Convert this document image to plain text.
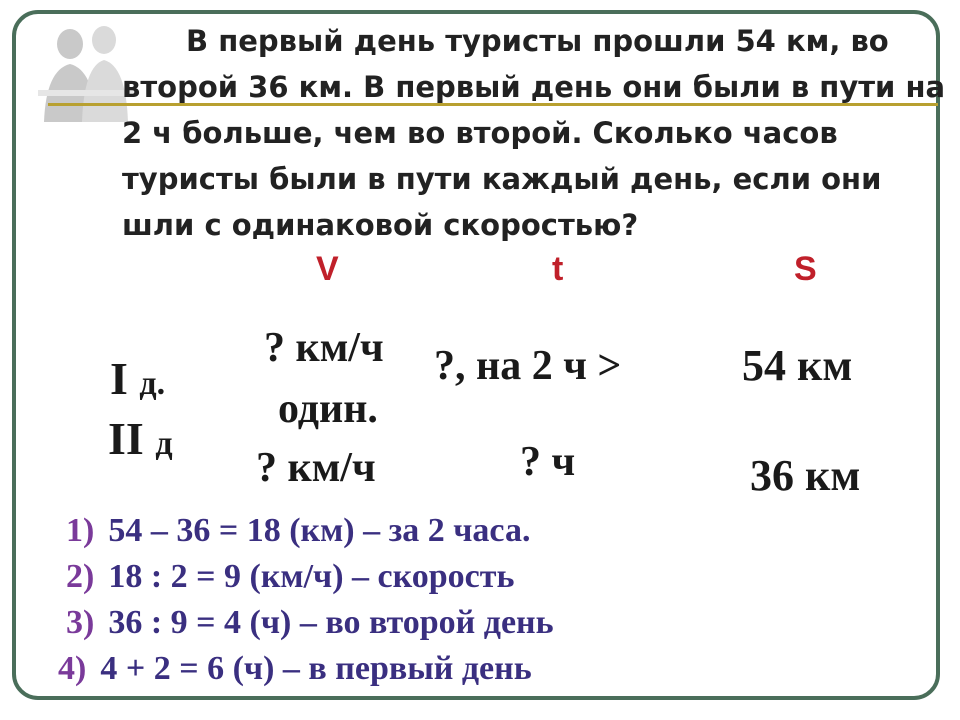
В первый день туристы прошли 54 км, во
второй 36 км. В первый день они были в пути на
2 ч больше, чем во второй. Сколько часов
туристы были в пути каждый день, если они
шли с одинаковой скоростью?
V	t	S
I д.
II д
? км/ч
один.
? км/ч
?, на 2 ч >
? ч
54 км
36 км
1) 54 – 36 = 18 (км) – за 2 часа.
2) 18 : 2 = 9 (км/ч) – скорость
3) 36 : 9 = 4 (ч) – во второй день
4) 4 + 2 = 6 (ч) – в первый день
